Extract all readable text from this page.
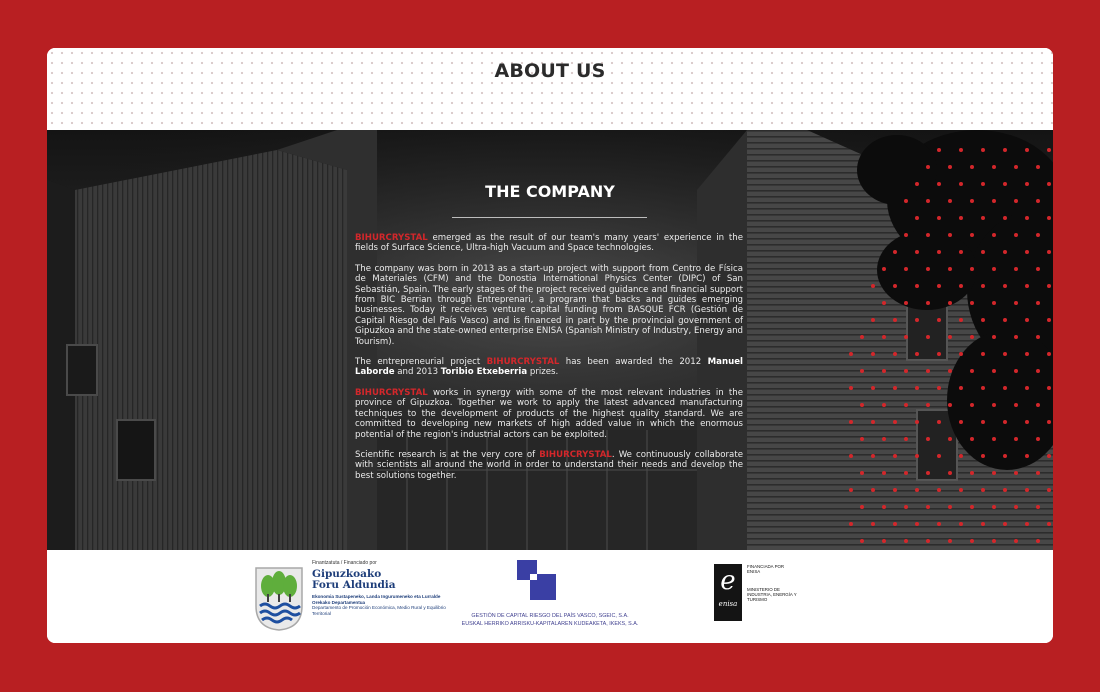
ABOUT US
THE COMPANY

BIHURCRYSTAL emerged as the result of our team's many years' experience in the fields of Surface Science, Ultra-high Vacuum and Space technologies.

The company was born in 2013 as a start-up project with support from Centro de Física de Materiales (CFM) and the Donostia International Physics Center (DIPC) of San Sebastián, Spain. The early stages of the project received guidance and financial support from BIC Berrian through Entreprenari, a program that backs and guides emerging businesses. Today it receives venture capital funding from BASQUE FCR (Gestión de Capital Riesgo del País Vasco) and is financed in part by the provincial government of Gipuzkoa and the state-owned enterprise ENISA (Spanish Ministry of Industry, Energy and Tourism).

The entrepreneurial project BIHURCRYSTAL has been awarded the 2012 Manuel Laborde and 2013 Toribio Etxeberria prizes.

BIHURCRYSTAL works in synergy with some of the most relevant industries in the province of Gipuzkoa. Together we work to apply the latest advanced manufacturing techniques to the development of products of the highest quality standard. We are committed to developing new markets of high added value in which the enormous potential of the region's industrial actors can be exploited.

Scientific research is at the very core of BIHURCRYSTAL. We continuously collaborate with scientists all around the world in order to understand their needs and develop the best solutions together.

Finantzatuta / Financiado por
Gipuzkoako
Foru Aldundia
Ekonomia Sustapeneko, Landa Ingurumeneko eta Lurralde Orekako Departamentua
Departamento de Promoción Económica, Medio Rural y Equilibrio Territorial	GESTIÓN DE CAPITAL RIESGO DEL PAÍS VASCO, SGEIC, S.A.
EUSKAL HERRIKO ARRISKU-KAPITALAREN KUDEAKETA, IKEKS, S.A.
e
enisa
FINANCIADA POR ENISA
MINISTERIO DE INDUSTRIA, ENERGÍA Y TURISMO
